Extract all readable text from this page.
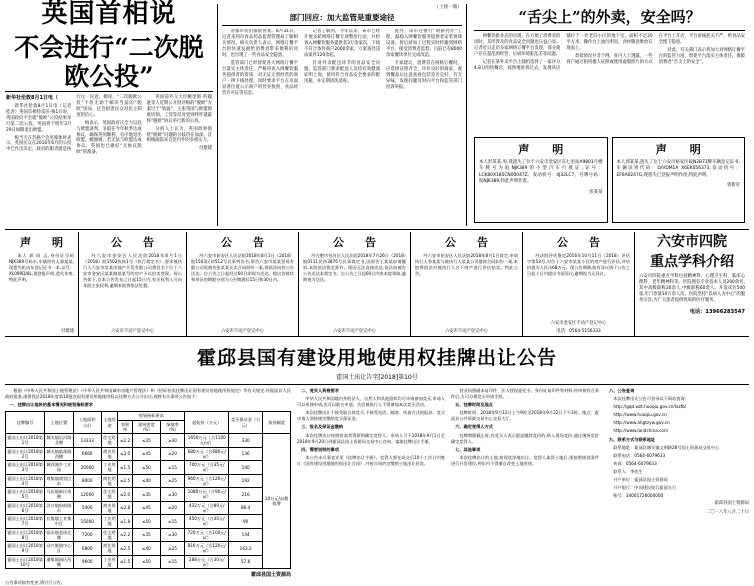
英国首相说
不会进行“二次脱欧公投”

新华社伦敦8月1日电（

新华社伦敦8月1日电（记者 桂涛）英国首相特雷莎·梅1日说，英国政府不会就“脱欧”公投结果举行第二次公投，英国将于明年3月29日如期退出欧盟。

梅当天在苏格兰会见媒体时表示，英国民众在2016年6月的公投中已作出决定，政府的职责就是执行这一民意。她说，“二次脱欧公投”不但无助于解决当前的“脱欧”困局，还会损害民众对民主制度的信心。

梅表示，英国政府正全力以赴与欧盟谈判，争取在今年秋季达成协议，确保英国顺利、有序地退出欧盟。她强调，若无法与欧盟达成协议，英国也已做好“无协议脱欧”的准备。

英国前外交大臣鲍里斯·约翰逊等人近期公开批评梅的“脱欧”方案过于“软弱”，主张英国与欧盟彻底切割。工党等反对党则呼吁就最终“脱欧”协议举行新的公投。

分析人士认为，英国政界围绕“脱欧”问题的分歧仍在加深，首相梅面临来自党内外的多重压力。

付建建

（上接一版）
部门回应：加大监管是重要途径

帝都市民们都很喜欢。8月31日，记者来到市食品药品监督管理局了解相关情况。相关负责人表示，网络订餐平台的快速发展给消费者带来便利的同时，也出现了一些食品安全隐患。

监管部门已经督促各大网络订餐平台落实主体责任，严格审查入网餐饮服务提供者的资质，对无证无照经营的商户一律下线处理。同时要求平台在页面显著位置公示商户的营业执照、食品经营许可证等信息。

记者了解到，今年以来，该市已经开展多轮网络订餐专项整治行动，共检查入网餐饮服务提供者3万余家次，下线不符合条件商户2000余家，立案查处违法案件120余起。

针对外卖配送环节的食品安全问题，监管部门要求配送人员持有效健康证明上岗，使用符合食品安全要求的配送箱，并定期清洗消毒。

此外，该市还推行“明厨亮灶”工程，鼓励入网餐饮服务提供者安装视频设备，将后厨加工过程实时传输到网络平台，接受消费者监督。目前已有8000余家餐饮单位完成改造。

专家建议，消费者在网络订餐时，应选择证照齐全、评价良好的商家，收到餐品后注意查看包装是否完好、有无异味，发现问题及时向平台和监管部门投诉举报。

“舌尖上”的外卖，安全吗？

网餐饮新业态的出现，在方便了消费者的同时，其所涉及的食品安全问题也日益凸显。记者近日走访多家网络订餐平台发现，部分商户存在超范围经营、后厨环境脏乱差等问题。

记者在某外卖平台上随机选择了一家评分4.8分的快餐店，按照地址找过去，发现该店铺位于一处老旧小区的地下室，面积不足20平方米，操作台上油污明显，食材随意堆放在地面上。

类似情况并非个例。业内人士透露，一些商户通过租用他人证照或使用虚假照片的方式在平台上开店，平台审核把关不严，给食品安全埋下隐患。

对此，有关部门表示将加大对网络订餐平台的监管力度，督促平台落实主体责任，保障消费者“舌尖上的安全”。

声　明
本人彭某某,男,我遗失了位于六安市金安区东七里站A9801号楼车牌号为皖NJK389的小型汽车行驶证,证号：LCK80X185CN00047Z、发动机号：4J32LC7、号牌号码：皖NJK389,特此声明作废。
彭某某
声　明
本人郭某某,遗失了位于六安市裕安区皖N2B73牌车辆登记证书,车辆识别代码：LVVDM1A X6EK056373,发动机号：EF6A0247G,现遗失已登报声明作废,特此声明。
曾新军
声　明

本人 郭 同 志,身份证号码 NJK389号码车,车辆所有人郭某某,现遗失机动车登记证书一本,证号：XL099D/8L,现登报声明,遗失作废,特此声明。

付建建
公　告

经六安市金安区人民法院2018年8月1日（2018）皖1502执恢1号《执行裁定书》,要求被执行人六安市某某房地产开发有限公司将其名下位于六安市金安区某某路某某号的房产予以拍卖变现。现公告如下,自本公告发布之日起15日内,有关权利人可向本院主张权利,逾期本院将依法处置。

六安市不动产登记中心
公　告

经六安市裕安区人民法院2018年8月1日（2018）皖1503民初512号民事判决书,原告六安市某某贸易有限公司诉被告张某某买卖合同纠纷一案,现依法向你公告送达。自公告之日起经过60日即视为送达。提出答辩状和举证的期限分别为公告期满后15日和30日内。

六安市不动产登记中心
公　告

经合肥市包河区人民法院2018年7月26日（2018）皖0111民初3876号民事裁定书,因原告王某某申请撤诉,本院依法裁定准许。现因无法直接送达,依法向被告公告送达本裁定书。自公告之日起60日内来本院领取,逾期视为送达。

六安市不动产登记中心
公　告

经六安市裕安区人民法院2018年8月1日裁定,申请执行人李某某与被执行人某某公司借款合同纠纷一案,本院将依法对被执行人名下财产进行评估拍卖。特此公告。

六安市不动产登记中心
公　告

经法院评估鉴定2016年10月11日（2018）评估字第53号,对位于六安市某某小区的房产进行评估,评估价值为人民币68万元。现公告期满,如有异议请于公告之日起十日内提出书面异议,逾期视为无异议。

六安市金安区不动产登记中心
电话：0564-5156333
六安市四院
重点学科介绍
六安市四院重点学科包括精神科、心理卫生科、临床心理科、老年精神科等。医院拥有专业技术人员200余名,其中高级职称30余人,中级职称60余人。开设床位500张,年门诊量10万余人次。医院坚持“以病人为中心”的服务宗旨,为广大患者提供优质的医疗服务。
电话：13966283547
霍邱县国有建设用地使用权挂牌出让公告
霍国土出让告字[2018]第10号

根据《中华人民共和国土地管理法》《中华人民共和国城市房地产管理法》和《招标拍卖挂牌出让国有建设用地使用权规定》等有关规定,经霍邱县人民政府批准,现将我县2018年度第10批次国有建设用地使用权以挂牌方式公开出让,现将有关事项公告如下：

一、挂牌出让地块的基本情况和规划指标要求

挂牌编号	土地位置	土地面积（㎡）	土地用途	规划指标要求			起始价（万元）	竞买保证金（万元）	加价幅度
				容积率	建筑密度（%）	绿地率（%）			
霍国土出让2018第1号	城关镇沿河路北侧	13333	住宅用地	≤2.2	≤35	≥30	1650万元（合1100元/㎡）	330	10万元/亩整数增
霍国土出让2018第2号	城关镇临淮路西侧	6666	商业用地	≤3.0	≤45	≥20	680万元（合680元/㎡）	136	
霍国土出让2018第3号	城西湖乡工业园	20000	工业用地	≤1.5	≤50	≥15	700万元（合35元/㎡）	140	
霍国土出让2018第4号	周集镇商贸区东	8000	商住用地	≤2.5	≤40	≥25	960万元（合120元/㎡）	192	
霍国土出让2018第5号	马店镇新区南侧	12000	住宅用地	≤2.0	≤35	≥30	1080万元（合90元/㎡）	216	
霍国土出让2018第6号	河口镇府前路东	5400	商业用地	≤2.8	≤45	≥20	432万元（合80元/㎡）	86.4	
霍国土出让2018第7号	长集镇工业集中区	15000	工业用地	≤1.8	≤50	≥15	450万元（合30元/㎡）	90	
霍国土出让2018第8号	临水镇老街北侧	7200	住宅用地	≤2.2	≤35	≥30	720万元（合100元/㎡）	144	
霍国土出让2018第9号	众兴集镇中心区	6800	商住用地	≤2.5	≤40	≥25	816万元（合120元/㎡）	163.2	
霍国土出让2018第10号	潘集镇园区西侧	9600	工业用地	≤1.5	≤50	≥15	288万元（合30元/㎡）	57.6	
霍邱县国土资源局

二、竞买人资格要求

中华人民共和国境内外的法人、自然人和其他组织均可申请参加竞买,申请人可以单独申请,也可以联合申请。失信被执行人不得参加本次竞买活动。

本次挂牌出让不接受联合体竞买,不接受电话、邮寄、传真方式的报价。竞买申请人须按规定缴纳竞买保证金。

三、报名及保证金缴纳

本次挂牌出让按照价高者得原则确定竞得人。申请人可于2018年9月1日至2018年9月20日到霍邱县国土资源局交易中心咨询、索取挂牌出让手册。

四、需要说明的事项

本公告未尽事宜详见《挂牌出让手册》。竞得人须在成交后10个工作日内签订《国有建设用地使用权出让合同》,并按合同约定缴纳土地出让价款。

营业执照副本复印件、法人授权委托书、身份证复印件等材料,经审核符合条件后,方可办理竞买申请手续。

五、挂牌时间及地点

挂牌时间：2018年9月12日上午9时至2018年9月22日下午3时。地点：霍邱县公共资源交易中心交易大厅。

六、确定竞得人方式

挂牌期限截止时,有竞买人表示愿意继续竞价的,转入现场竞价,通过现场竞价确定竞得人。

七、其他事项

本次挂牌出让的土地,按现状净地出让。竞得人取得土地后,须按照规划条件进行开发建设,两年内不得擅自改变土地用途。

八、公告查询

本次挂牌出让公告可登录以下网站查询：

http://gqd.wzt.huoqiu.gov.cn/lxzfb/

http://www.huoqiu.gov.cn

http://www.ahgtzyw.gov.cn

http://www.landchina.com

九、联系方式与联系地址

联系地址：霍邱县城关镇文明路28号国土资源局交易中心

联系电话：0564-6079633

传真：0564-6079633

联系人：李先生

开户单位：霍邱县国土资源局

开户银行：中国建设银行霍邱支行

账号：34001726000000

霍邱县国土资源局

二〇一八年八月二十日

公告事项如有变更,将另行公告。
